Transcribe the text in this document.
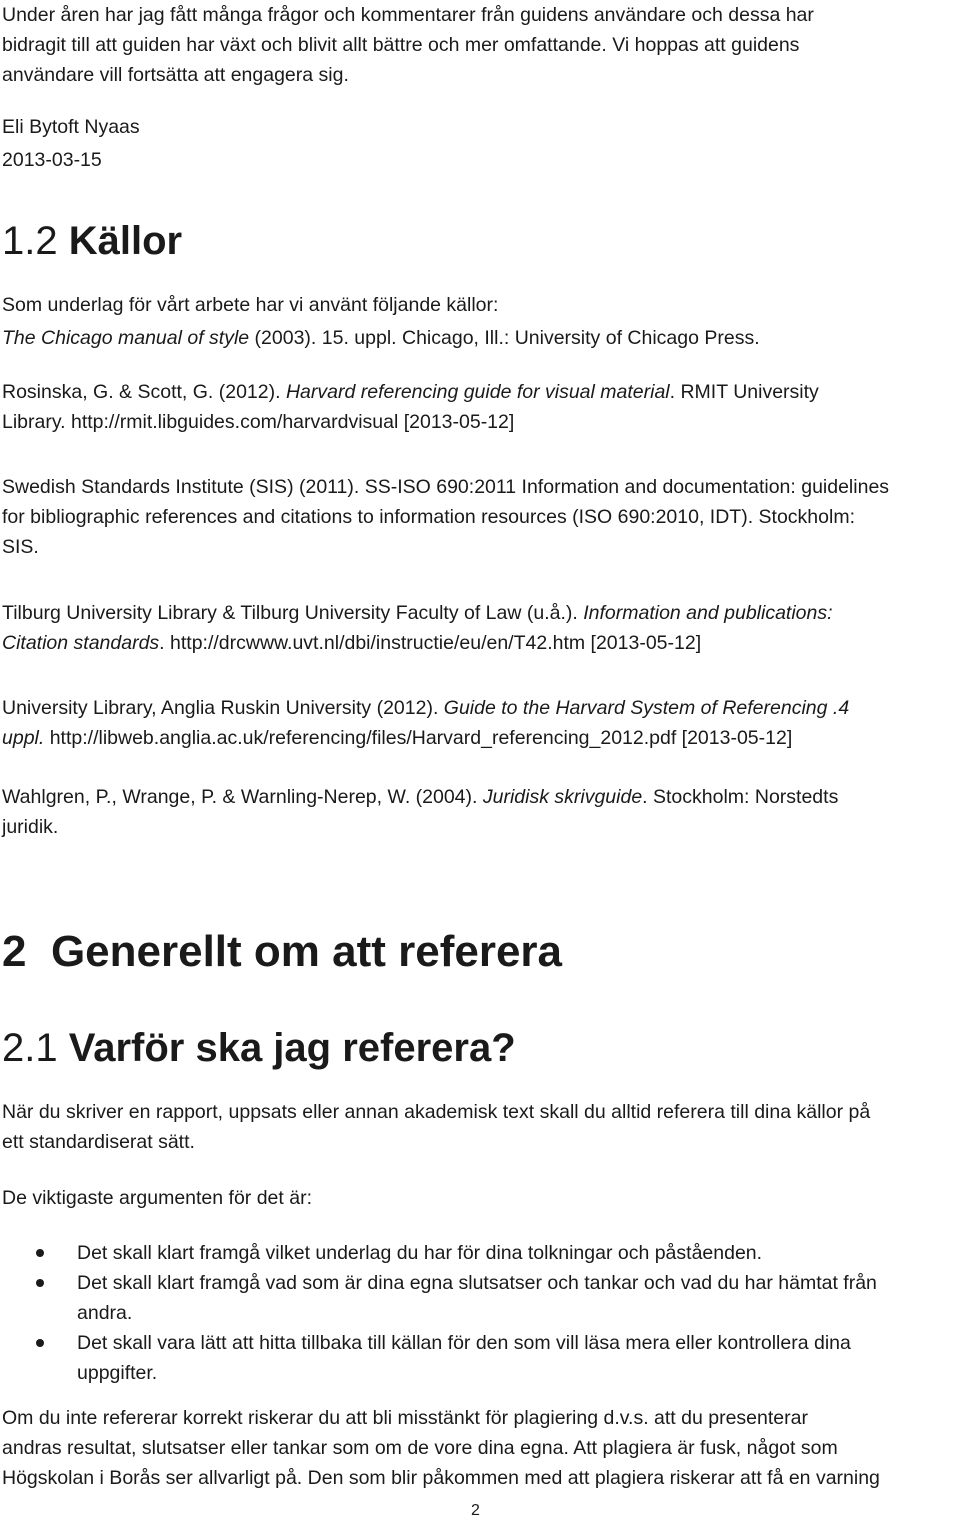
Under åren har jag fått många frågor och kommentarer från guidens användare och dessa har
bidragit till att guiden har växt och blivit allt bättre och mer omfattande. Vi hoppas att guidens
användare vill fortsätta att engagera sig.
Eli Bytoft Nyaas
2013-03-15
1.2 Källor
Som underlag för vårt arbete har vi använt följande källor:
The Chicago manual of style (2003). 15. uppl. Chicago, Ill.: University of Chicago Press.
Rosinska, G. & Scott, G. (2012). Harvard referencing guide for visual material. RMIT University
Library. http://rmit.libguides.com/harvardvisual [2013-05-12]
Swedish Standards Institute (SIS) (2011). SS-ISO 690:2011 Information and documentation: guidelines
for bibliographic references and citations to information resources (ISO 690:2010, IDT). Stockholm:
SIS.
Tilburg University Library & Tilburg University Faculty of Law (u.å.). Information and publications:
Citation standards. http://drcwww.uvt.nl/dbi/instructie/eu/en/T42.htm [2013-05-12]
University Library, Anglia Ruskin University (2012). Guide to the Harvard System of Referencing .4
uppl. http://libweb.anglia.ac.uk/referencing/files/Harvard_referencing_2012.pdf [2013-05-12]
Wahlgren, P., Wrange, P. & Warnling-Nerep, W. (2004). Juridisk skrivguide. Stockholm: Norstedts
juridik.
2 Generellt om att referera
2.1 Varför ska jag referera?
När du skriver en rapport, uppsats eller annan akademisk text skall du alltid referera till dina källor på
ett standardiserat sätt.
De viktigaste argumenten för det är:
Det skall klart framgå vilket underlag du har för dina tolkningar och påståenden.
Det skall klart framgå vad som är dina egna slutsatser och tankar och vad du har hämtat från
andra.
Det skall vara lätt att hitta tillbaka till källan för den som vill läsa mera eller kontrollera dina
uppgifter.
Om du inte refererar korrekt riskerar du att bli misstänkt för plagiering d.v.s. att du presenterar
andras resultat, slutsatser eller tankar som om de vore dina egna. Att plagiera är fusk, något som
Högskolan i Borås ser allvarligt på. Den som blir påkommen med att plagiera riskerar att få en varning
2
